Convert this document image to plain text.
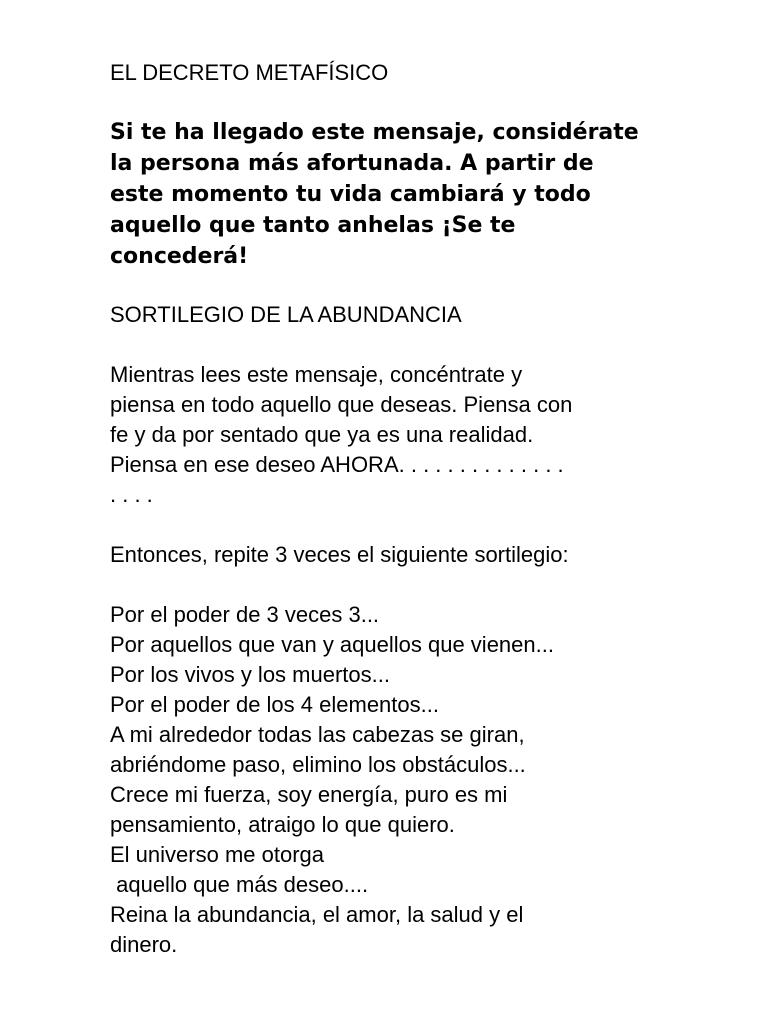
EL DECRETO METAFÍSICO
Si te ha llegado este mensaje, considérate
la persona más afortunada. A partir de
este momento tu vida cambiará y todo
aquello que tanto anhelas ¡Se te
concederá!
SORTILEGIO DE LA ABUNDANCIA
Mientras lees este mensaje, concéntrate y
piensa en todo aquello que deseas. Piensa con
fe y da por sentado que ya es una realidad.
Piensa en ese deseo AHORA. . . . . . . . . . . . . .
. . . .
Entonces, repite 3 veces el siguiente sortilegio:
Por el poder de 3 veces 3...
Por aquellos que van y aquellos que vienen...
Por los vivos y los muertos...
Por el poder de los 4 elementos...
A mi alrededor todas las cabezas se giran,
abriéndome paso, elimino los obstáculos...
Crece mi fuerza, soy energía, puro es mi
pensamiento, atraigo lo que quiero.
El universo me otorga
aquello que más deseo....
Reina la abundancia, el amor, la salud y el
dinero.
